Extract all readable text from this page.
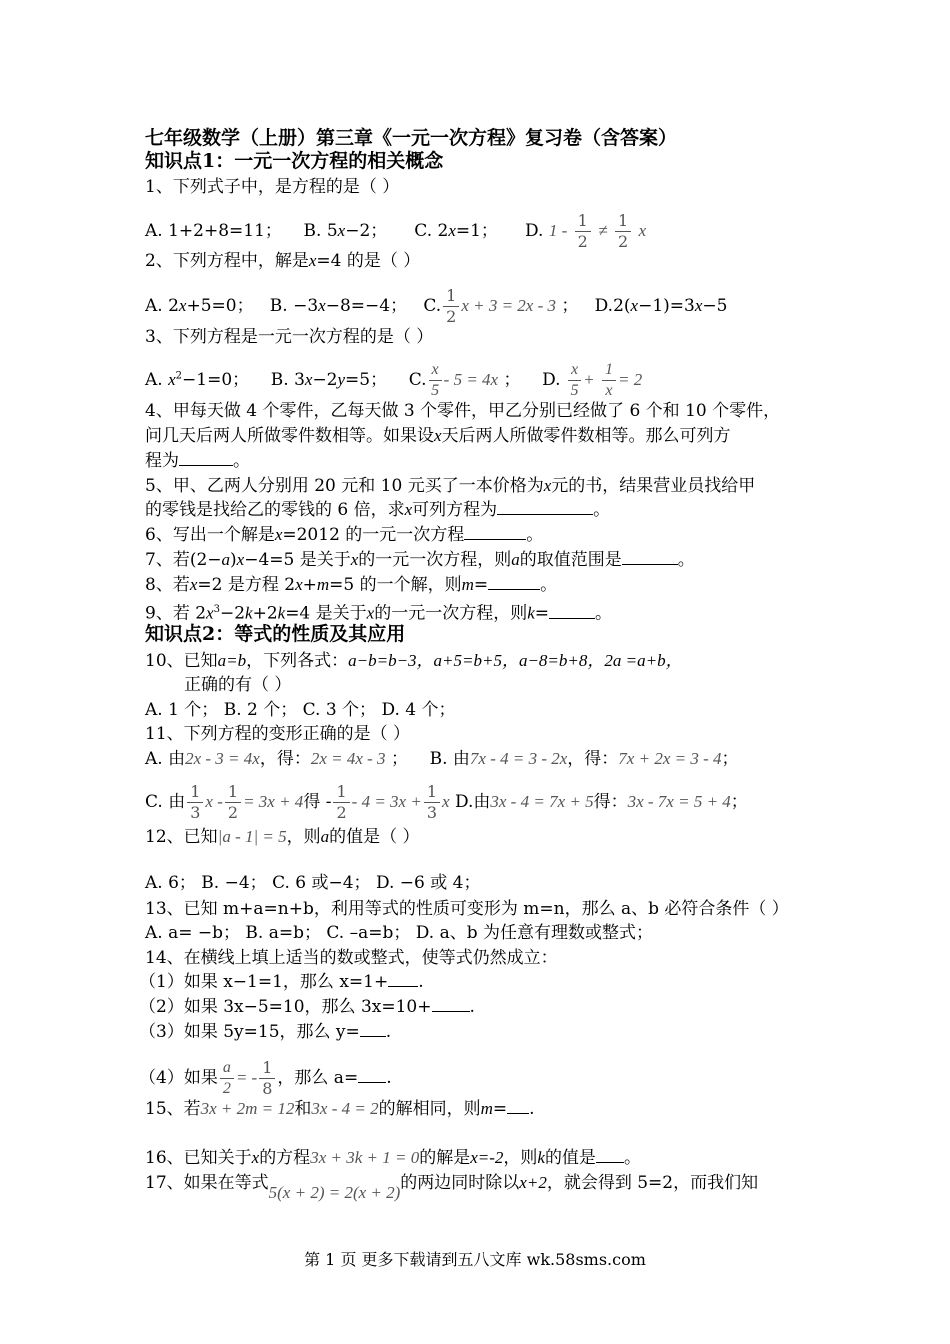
七年级数学（上册）第三章《一元一次方程》复习卷（含答案）
知识点1：一元一次方程的相关概念
1、下列式子中，是方程的是（ ）
A. 1+2+8=11； B. 5x−2； C. 2x=1； D. $1 - \frac{1}{2} \ne \frac{1}{2}$ x
2、下列方程中，解是x=4 的是（ ）
A. 2x+5=0； B. −3x−8=−4； C. $\frac{1}{2}$ x + 3 = 2x - 3 ； D.2(x−1)=3x−5
3、下列方程是一元一次方程的是（ ）
A. $x^2-1=0$； B. 3x−2y=5； C. $\frac{x}{5} - 5 = 4x$ ； D. $\frac{x}{5} + \frac{1}{x} = 2$
4、甲每天做 4 个零件，乙每天做 3 个零件，甲乙分别已经做了 6 个和 10 个零件，
问几天后两人所做零件数相等。如果设x天后两人所做零件数相等。那么可列方
程为	。
5、甲、乙两人分别用 20 元和 10 元买了一本价格为x元的书，结果营业员找给甲
的零钱是找给乙的零钱的 6 倍，求x可列方程为	。
6、写出一个解是x=2012 的一元一次方程	。
7、若(2−a)x−4=5 是关于x的一元一次方程，则a的取值范围是	。
8、若x=2 是方程 2x+m=5 的一个解，则m=	。
9、若 $2x^3-2k+2k=4$ 是关于x的一元一次方程，则k=	。
知识点2：等式的性质及其应用
10、已知a=b，下列各式：a−b=b−3，a+5=b+5，a−8=b+8，2a =a+b，
正确的有（ ）
A. 1 个； B. 2 个； C. 3 个； D. 4 个；
11、下列方程的变形正确的是（ ）
A. 由2x - 3 = 4x，得：2x = 4x - 3 ； B. 由7x - 4 = 3 - 2x，得：7x + 2x = 3 - 4；
C. 由 $\frac{1}{3}$ $x - \frac{1}{2} = 3x + 4$得 - $\frac{1}{2} - 4 = 3x + \frac{1}{3}$ x D.由3x - 4 = 7x + 5得：3x - 7x = 5 + 4；
12、已知|a - 1| = 5，则a的值是（ ）
A. 6； B. −4； C. 6 或−4； D. −6 或 4；
13、已知 m+a=n+b，利用等式的性质可变形为 m=n，那么 a、b 必符合条件（ ）
A. a= −b； B. a=b； C. –a=b； D. a、b 为任意有理数或整式；
14、在横线上填上适当的数或整式，使等式仍然成立：
（1）如果 x−1=1，那么 x=1+ .
（2）如果 3x−5=10，那么 3x=10+ .
（3）如果 5y=15，那么 y= .
（4）如果 $\frac{a}{2}$ = - $\frac{1}{8}$ ，那么 a= .
15、若3x + 2m = 12和3x - 4 = 2的解相同，则m= .
16、已知关于x的方程3x + 3k + 1 = 0的解是x=-2，则k的值是 。
17、如果在等式5(x + 2) = 2(x + 2)的两边同时除以x+2，就会得到 5=2，而我们知
第 1 页 更多下载请到五八文库 wk.58sms.com
